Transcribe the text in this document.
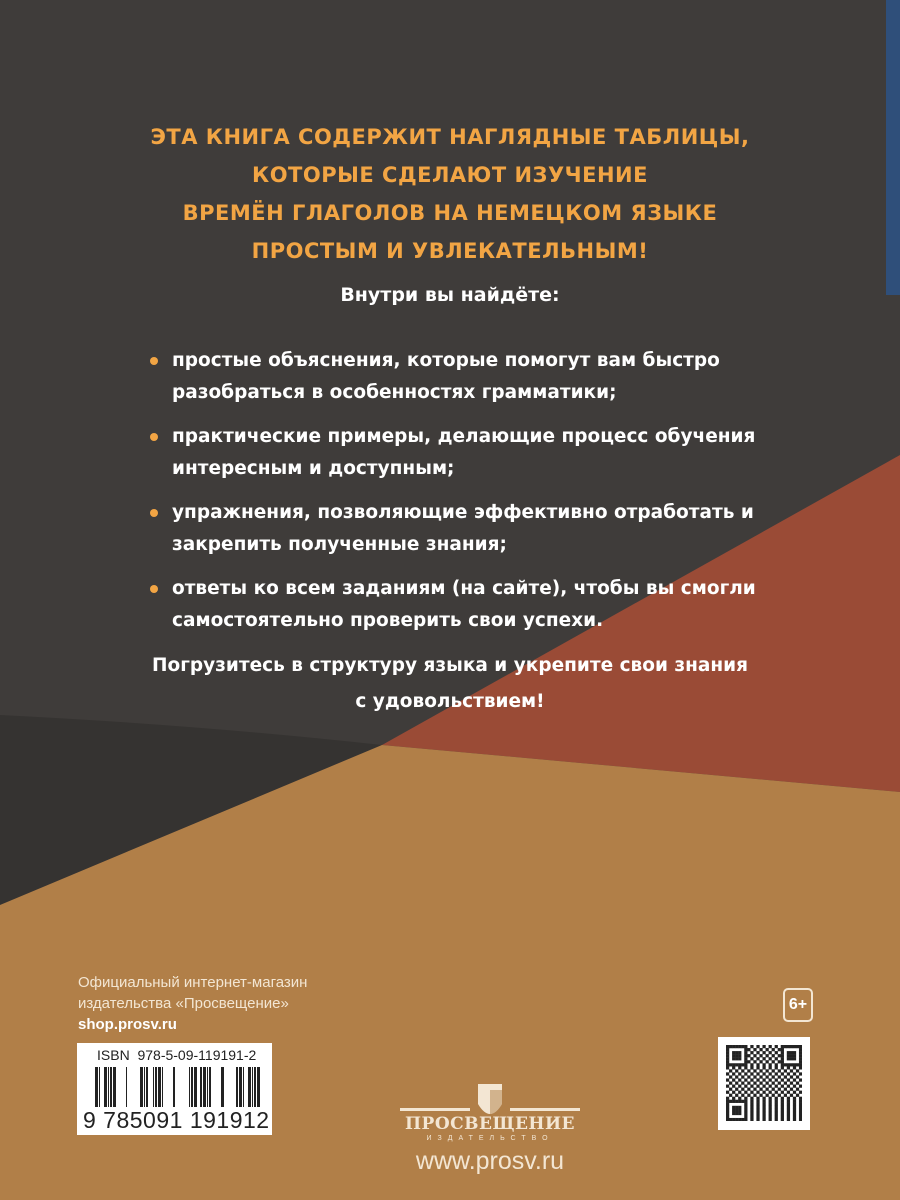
ЭТА КНИГА СОДЕРЖИТ НАГЛЯДНЫЕ ТАБЛИЦЫ,
КОТОРЫЕ СДЕЛАЮТ ИЗУЧЕНИЕ
ВРЕМЁН ГЛАГОЛОВ НА НЕМЕЦКОМ ЯЗЫКЕ
ПРОСТЫМ И УВЛЕКАТЕЛЬНЫМ!
Внутри вы найдёте:
простые объяснения, которые помогут вам быстро разобраться в особенностях грамматики;
практические примеры, делающие процесс обучения интересным и доступным;
упражнения, позволяющие эффективно отработать и закрепить полученные знания;
ответы ко всем заданиям (на сайте), чтобы вы смогли самостоятельно проверить свои успехи.
Погрузитесь в структуру языка и укрепите свои знания
с удовольствием!
Официальный интернет-магазин
издательства «Просвещение»
shop.prosv.ru
6+
ISBN  978-5-09-119191-2
9 785091 191912	ПРОСВЕЩЕНИЕ
ИЗДАТЕЛЬСТВО
www.prosv.ru
